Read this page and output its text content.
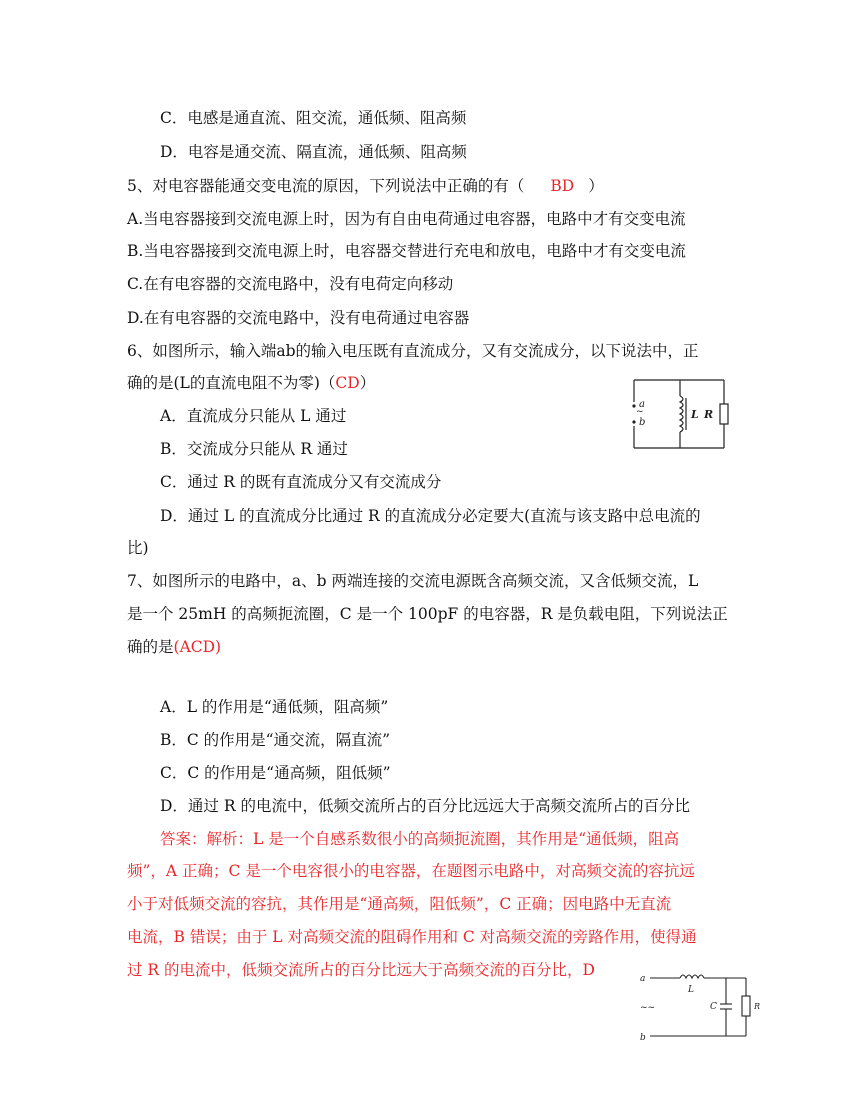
C．电感是通直流、阻交流，通低频、阻高频
D．电容是通交流、隔直流，通低频、阻高频
5、对电容器能通交变电流的原因，下列说法中正确的有（ BD ）
A.当电容器接到交流电源上时，因为有自由电荷通过电容器，电路中才有交变电流
B.当电容器接到交流电源上时，电容器交替进行充电和放电，电路中才有交变电流
C.在有电容器的交流电路中，没有电荷定向移动
D.在有电容器的交流电路中，没有电荷通过电容器
6、如图所示，输入端ab的输入电压既有直流成分，又有交流成分，以下说法中，正
确的是(L的直流电阻不为零)（CD）
~
a
b
L R
A．直流成分只能从 L 通过
B．交流成分只能从 R 通过
C．通过 R 的既有直流成分又有交流成分
D．通过 L 的直流成分比通过 R 的直流成分必定要大(直流与该支路中总电流的
比)
7、如图所示的电路中，a、b 两端连接的交流电源既含高频交流，又含低频交流，L
是一个 25mH 的高频扼流圈，C 是一个 100pF 的电容器，R 是负载电阻，下列说法正
确的是(ACD)
A．L 的作用是“通低频，阻高频”
B．C 的作用是“通交流，隔直流”
C．C 的作用是“通高频，阻低频”
D．通过 R 的电流中，低频交流所占的百分比远远大于高频交流所占的百分比
答案：解析：L 是一个自感系数很小的高频扼流圈，其作用是“通低频，阻高
频”，A 正确；C 是一个电容很小的电容器，在题图示电路中，对高频交流的容抗远
小于对低频交流的容抗，其作用是“通高频，阻低频”，C 正确；因电路中无直流
电流，B 错误；由于 L 对高频交流的阻碍作用和 C 对高频交流的旁路作用，使得通
过 R 的电流中，低频交流所占的百分比远大于高频交流的百分比，D	a
b
~~
L
C	R
